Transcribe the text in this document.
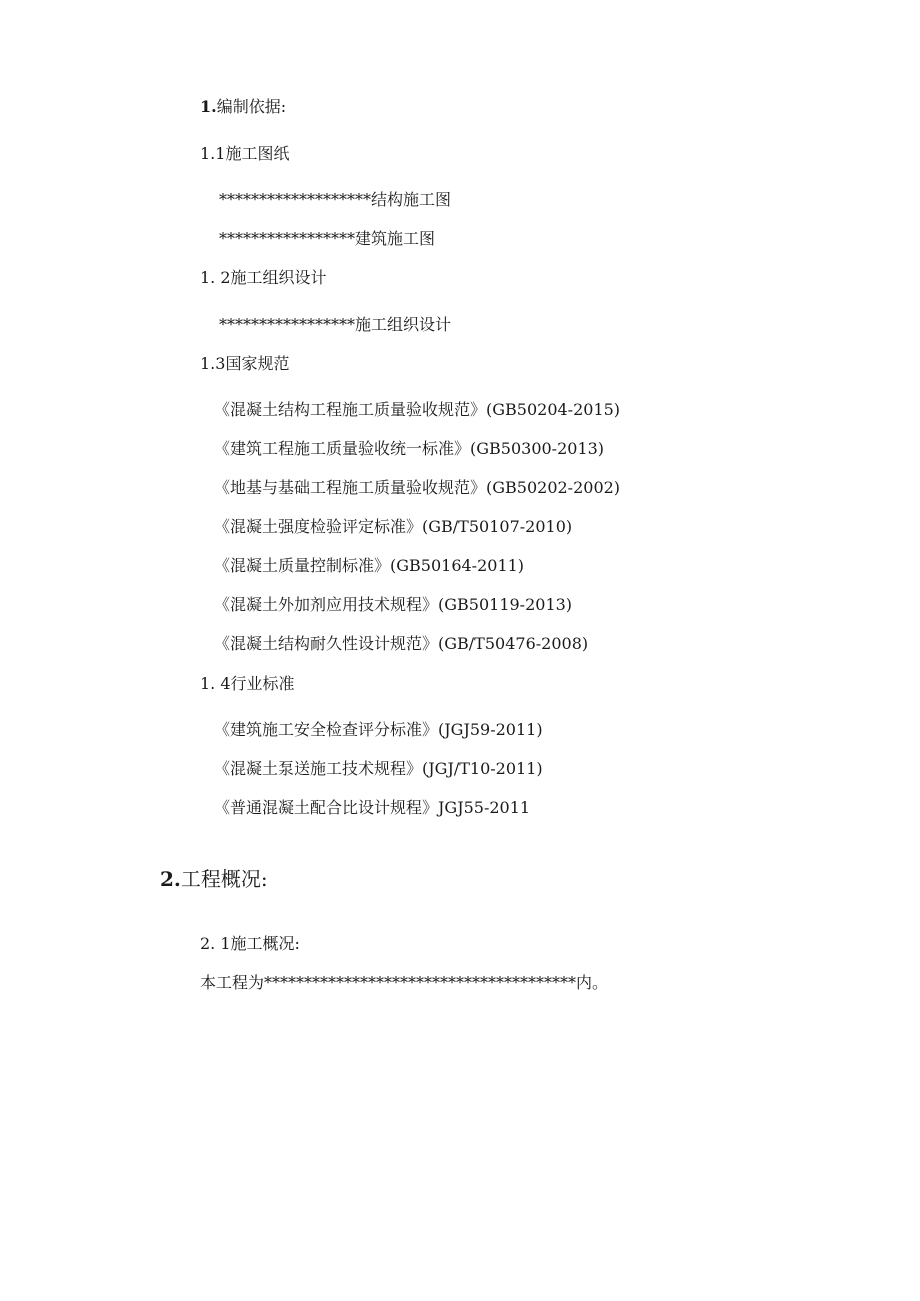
1.编制依据:
1.1施工图纸
*******************结构施工图
*****************建筑施工图
1. 2施工组织设计
*****************施工组织设计
1.3国家规范
《混凝土结构工程施工质量验收规范》(GB50204-2015)
《建筑工程施工质量验收统一标准》(GB50300-2013)
《地基与基础工程施工质量验收规范》(GB50202-2002)
《混凝土强度检验评定标准》(GB/T50107-2010)
《混凝土质量控制标准》(GB50164-2011)
《混凝土外加剂应用技术规程》(GB50119-2013)
《混凝土结构耐久性设计规范》(GB/T50476-2008)
1. 4行业标准
《建筑施工安全检查评分标准》(JGJ59-2011)
《混凝土泵送施工技术规程》(JGJ/T10-2011)
《普通混凝土配合比设计规程》JGJ55-2011
2.工程概况:
2. 1施工概况:
本工程为***************************************内。
